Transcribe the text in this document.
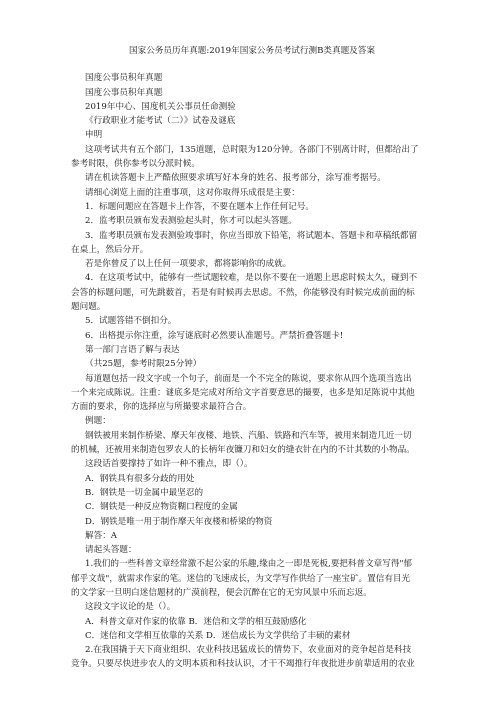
国家公务员历年真题:2019年国家公务员考试行测B类真题及答案
国度公事员积年真题
国度公事员积年真题
2019年中心、国度机关公事员任命测验
《行政职业才能考试（二）》试卷及谜底
申明
这项考试共有五个部门，135道题，总时限为120分钟。各部门不别离计时，但都给出了
参考时限，供你参考以分派时候。
请在机读答题卡上严酷依照要求填写好本身的姓名、报考部分，涂写准考据号。
请细心浏览上面的注重事项，这对你取得乐成很是主要：
1．标题问题应在答题卡上作答，不要在题本上作任何记号。
2．监考职员颁布发表测验起头时，你才可以起头答题。
3．监考职员颁布发表测验竣事时，你应当即放下铅笔，将试题本、答题卡和草稿纸都留
在桌上，然后分开。
若是你曾反了以上任何一项要求，都将影响你的成就。
4．在这项考试中，能够有一些试题较难，是以你不要在一道题上思虑时候太久，碰到不
会答的标题问题，可先跳薮首，若是有时候再去思虑。不然，你能够没有时候完成前面的标
题问题。
5．试题答错不倒扣分。
6．出格提示你注重，涂写谜底时必然要认准题号。严禁折叠答题卡!
第一部门言语了解与表达
（共25题，参考时限25分钟）
每道题包括一段文字或一个句子，前面是一个不完全的陈说，要求你从四个选项当选出
一个来完成陈说。注重：谜底多是完成对所给文字首要意思的撮要，也多是知足陈说中其他
方面的要求，你的选择应与所撮要求最符合合。
例题：
钢铁被用来制作桥梁、摩天年夜楼、地铁、汽船、铁路和汽车等，被用来制造几近一切
的机械，还被用来制造包罗农人的长柄年夜镰刀和妇女的缝衣针在内的不计其数的小物品。
这段话首要撑持了如许一种不雅点，即（）。
A．钢铁具有很多分歧的用处
B．钢铁是一切金属中最坚忍的
C．钢铁是一种反应物资糊口程度的金属
D．钢铁是唯一用于制作摩天年夜楼和桥梁的物资
解答：A
请起头答题：
1.我们的一些科普文章经常激不起公家的乐趣,缘由之一即是死板,要把科普文章写得"郁
郁乎文哉"，就需求作家的笔。迷信的飞速成长，为文学写作供给了一座宝矿。置信有目光
的文学家一旦明白迷信题材的广漠前程，便会沉醉在它的无穷风景中乐而忘返。
这段文字议论的是（）。
A．科普文章对作家的依靠 B．迷信和文学的相互鼓励感化
C．迷信和文学相互依靠的关系 D．迷信成长为文学供给了丰硕的素材
2.在我国撬于天下商业组织、农业科技迅猛成长的情势下，农业面对的竞争起首是科技
竞争。只要尽快进步农人的文明本质和科技认识，才干不竭推行年夜批进步前辈适用的农业
